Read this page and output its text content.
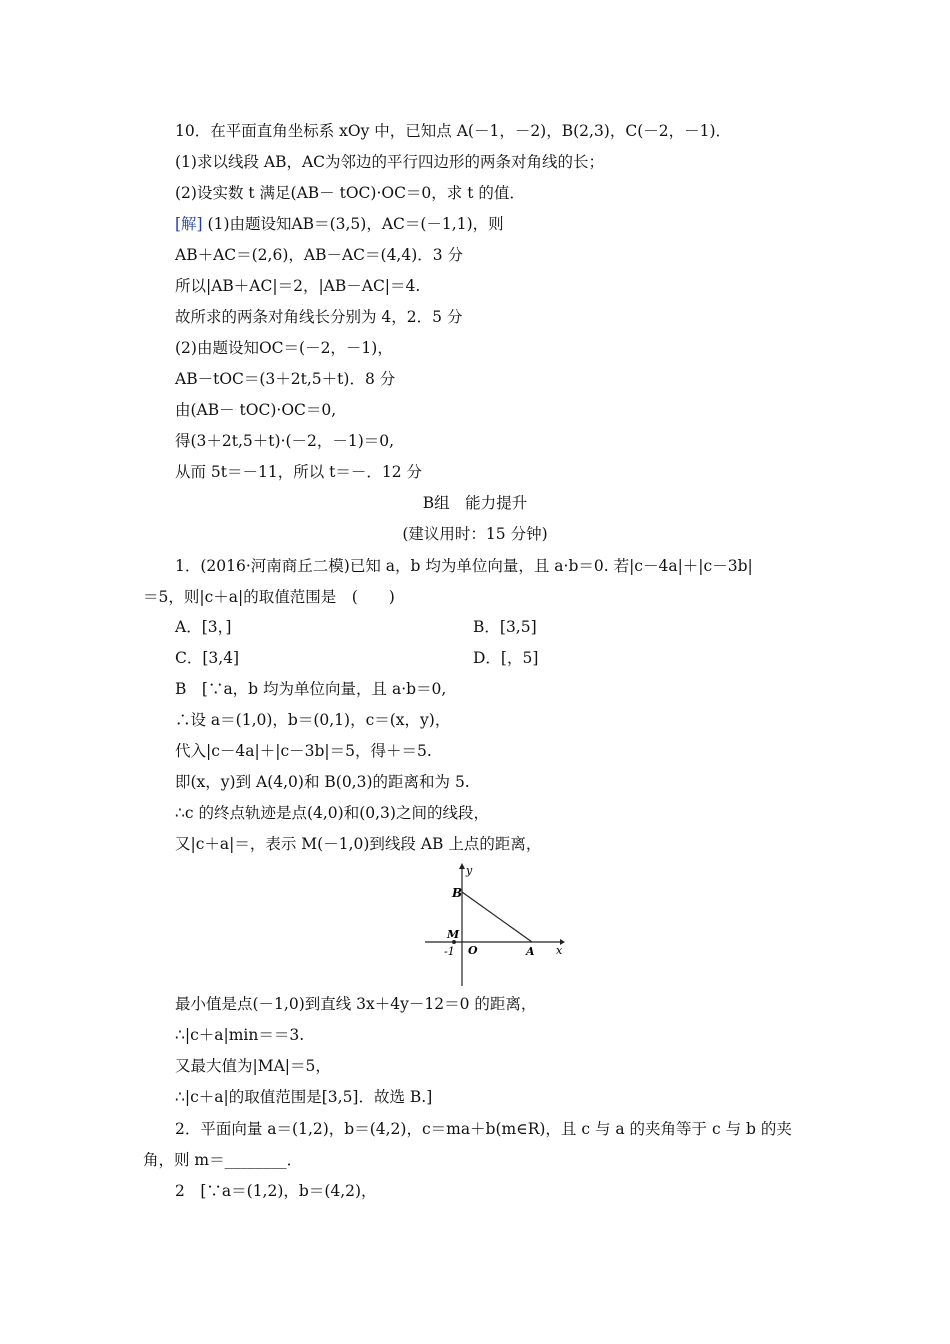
10．在平面直角坐标系 xOy 中，已知点 A(－1，－2)，B(2,3)，C(－2，－1)．
(1)求以线段 AB，AC为邻边的平行四边形的两条对角线的长；
(2)设实数 t 满足(AB－ tOC)·OC＝0，求 t 的值．
[解] (1)由题设知AB＝(3,5)，AC＝(－1,1)，则
AB＋AC＝(2,6)，AB－AC＝(4,4)．3 分
所以|AB＋AC|＝2，|AB－AC|＝4.
故所求的两条对角线长分别为 4，2．5 分
(2)由题设知OC＝(－2，－1)，
AB－tOC＝(3＋2t,5＋t)．8 分
由(AB－ tOC)·OC＝0,
得(3＋2t,5＋t)·(－2，－1)＝0,
从而 5t＝－11，所以 t＝－．12 分
B组　能力提升
(建议用时：15 分钟)
1．(2016·河南商丘二模)已知 a，b 均为单位向量，且 a·b＝0. 若|c－4a|＋|c－3b|
＝5，则|c＋a|的取值范围是　(　　)
A．[3，]	B．[3,5]
C．[3,4]	D．[，5]
B　[∵a，b 均为单位向量，且 a·b＝0,
∴设 a＝(1,0)，b＝(0,1)，c＝(x，y)，
代入|c－4a|＋|c－3b|＝5，得＋＝5.
即(x，y)到 A(4,0)和 B(0,3)的距离和为 5.
∴c 的终点轨迹是点(4,0)和(0,3)之间的线段，
又|c＋a|＝，表示 M(－1,0)到线段 AB 上点的距离，
y
x
B
M
O	A
-1
最小值是点(－1,0)到直线 3x＋4y－12＝0 的距离，
∴|c＋a|min＝＝3.
又最大值为|MA|＝5，
∴|c＋a|的取值范围是[3,5]．故选 B.]
2．平面向量 a＝(1,2)，b＝(4,2)，c＝ma＋b(m∈R)，且 c 与 a 的夹角等于 c 与 b 的夹
角，则 m＝________．
2　[∵a＝(1,2)，b＝(4,2)，
